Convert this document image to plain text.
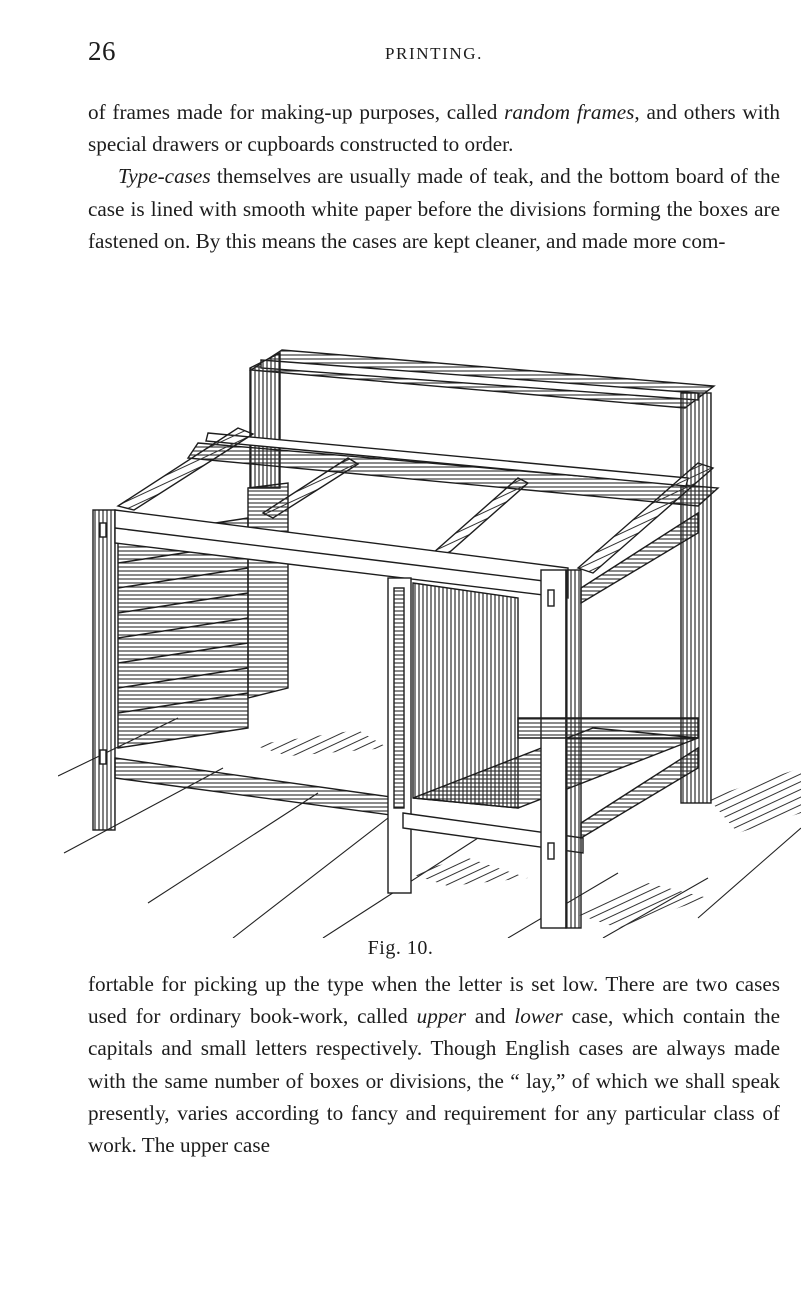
26	PRINTING.

of frames made for making-up purposes, called random frames, and others with special drawers or cupboards constructed to order.

Type-cases themselves are usually made of teak, and the bottom board of the case is lined with smooth white paper before the divisions forming the boxes are fastened on. By this means the cases are kept cleaner, and made more com-

Fig. 10.

fortable for picking up the type when the letter is set low. There are two cases used for ordinary book-work, called upper and lower case, which contain the capitals and small letters respectively. Though English cases are always made with the same number of boxes or divisions, the “ lay,” of which we shall speak presently, varies according to fancy and requirement for any particular class of work. The upper case
